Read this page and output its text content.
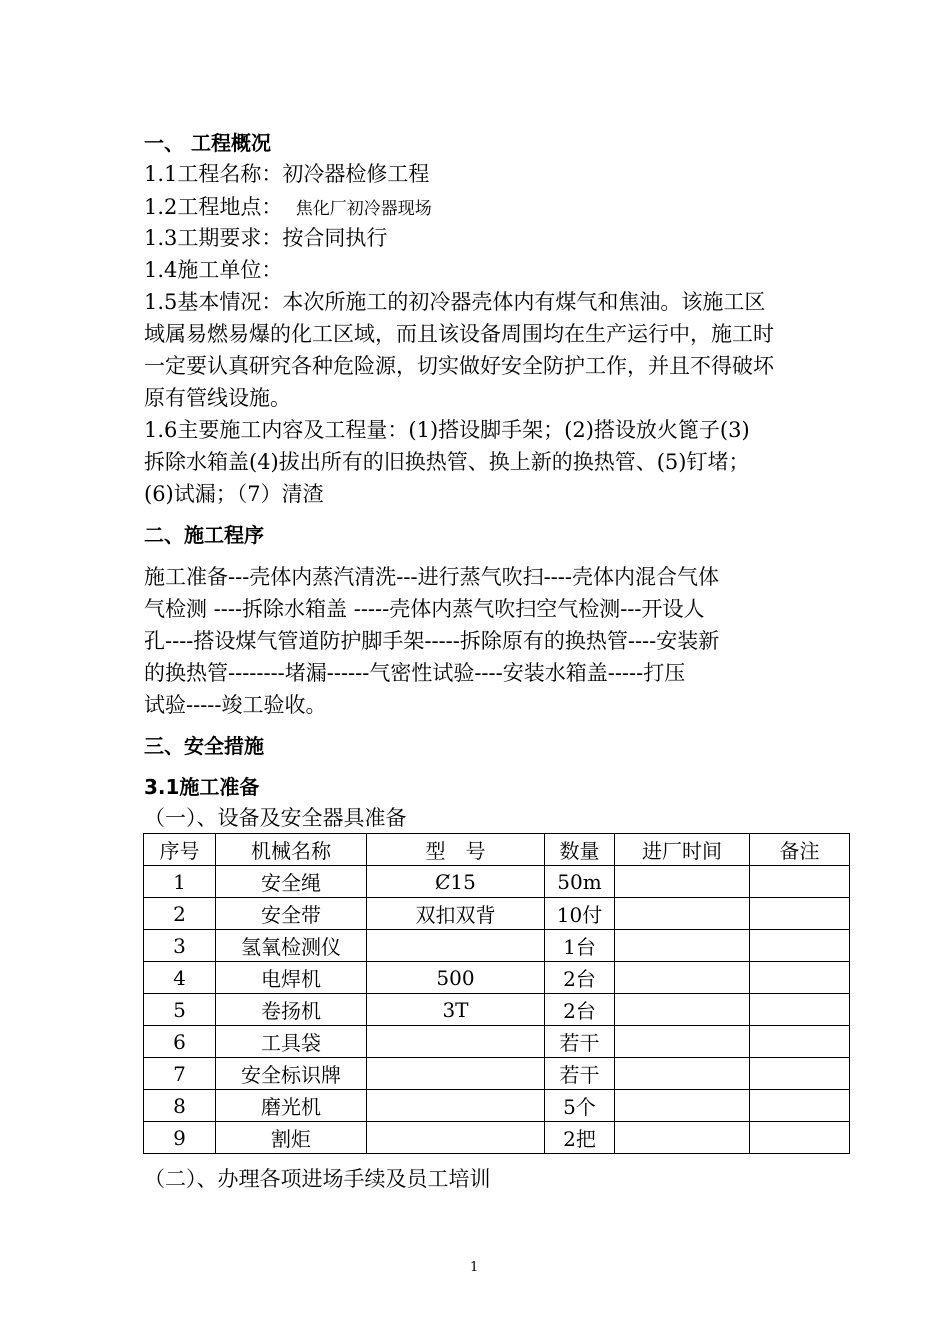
一、 工程概况
1.1工程名称：初冷器检修工程
1.2工程地点： 焦化厂初冷器现场
1.3工期要求：按合同执行
1.4施工单位：
1.5基本情况：本次所施工的初冷器壳体内有煤气和焦油。该施工区
域属易燃易爆的化工区域，而且该设备周围均在生产运行中，施工时
一定要认真研究各种危险源，切实做好安全防护工作，并且不得破坏
原有管线设施。
1.6主要施工内容及工程量：(1)搭设脚手架；(2)搭设放火篦子(3)
拆除水箱盖(4)拔出所有的旧换热管、换上新的换热管、(5)钉堵；
(6)试漏；（7）清渣
二、施工程序
施工准备---壳体内蒸汽清洗---进行蒸气吹扫----壳体内混合气体
气检测 ----拆除水箱盖 -----壳体内蒸气吹扫空气检测---开设人
孔----搭设煤气管道防护脚手架-----拆除原有的换热管----安装新
的换热管--------堵漏------气密性试验----安装水箱盖-----打压
试验-----竣工验收。
三、安全措施
3.1施工准备
（一）、设备及安全器具准备
序号	机械名称	型　号	数量	进厂时间	备注
1	安全绳	Ȼ15	50m		
2	安全带	双扣双背	10付		
3	氢氧检测仪		1台		
4	电焊机	500	2台		
5	卷扬机	3T	2台		
6	工具袋		若干		
7	安全标识牌		若干		
8	磨光机		5个		
9	割炬		2把		
（二）、办理各项进场手续及员工培训
1
